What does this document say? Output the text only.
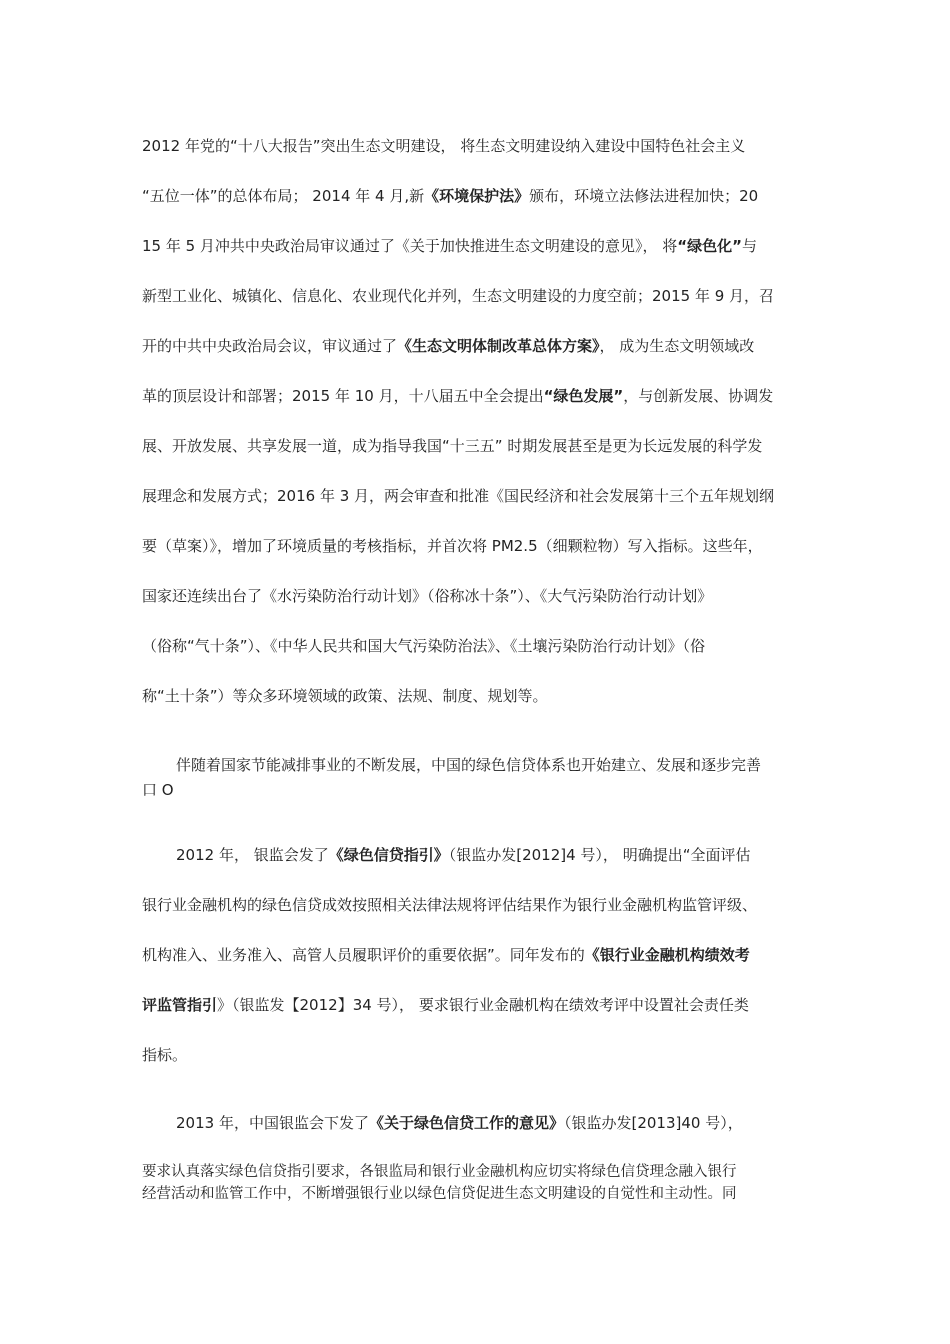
2012 年党的“十八大报告”突出生态文明建设， 将生态文明建设纳入建设中国特色社会主义
“五位一体”的总体布局； 2014 年 4 月,新《环境保护法》颁布，环境立法修法进程加快；20
15 年 5 月冲共中央政治局审议通过了《关于加快推进生态文明建设的意见》， 将“绿色化”与
新型工业化、城镇化、信息化、农业现代化并列，生态文明建设的力度空前；2015 年 9 月，召
开的中共中央政治局会议，审议通过了《生态文明体制改革总体方案》， 成为生态文明领域改
革的顶层设计和部署；2015 年 10 月，十八届五中全会提出“绿色发展”，与创新发展、协调发
展、开放发展、共享发展一道，成为指导我国“十三五” 时期发展甚至是更为长远发展的科学发
展理念和发展方式；2016 年 3 月，两会审查和批准《国民经济和社会发展第十三个五年规划纲
要（草案）》，增加了环境质量的考核指标，并首次将 PM2.5（细颗粒物）写入指标。这些年，
国家还连续出台了《水污染防治行动计划》（俗称冰十条”）、《大气污染防治行动计划》
（俗称“气十条”）、《中华人民共和国大气污染防治法》、《土壤污染防治行动计划》（俗
称“土十条”）等众多环境领域的政策、法规、制度、规划等。
伴随着国家节能减排事业的不断发展，中国的绿色信贷体系也开始建立、发展和逐步完善
口 O
2012 年， 银监会发了《绿色信贷指引》（银监办发[2012]4 号）， 明确提出“全面评估
银行业金融机构的绿色信贷成效按照相关法律法规将评估结果作为银行业金融机构监管评级、
机构准入、业务准入、高管人员履职评价的重要依据”。同年发布的《银行业金融机构绩效考
评监管指引》（银监发【2012】34 号）， 要求银行业金融机构在绩效考评中设置社会责任类
指标。
2013 年，中国银监会下发了《关于绿色信贷工作的意见》（银监办发[2013]40 号），
要求认真落实绿色信贷指引要求，各银监局和银行业金融机构应切实将绿色信贷理念融入银行
经营活动和监管工作中，不断增强银行业以绿色信贷促进生态文明建设的自觉性和主动性。同
